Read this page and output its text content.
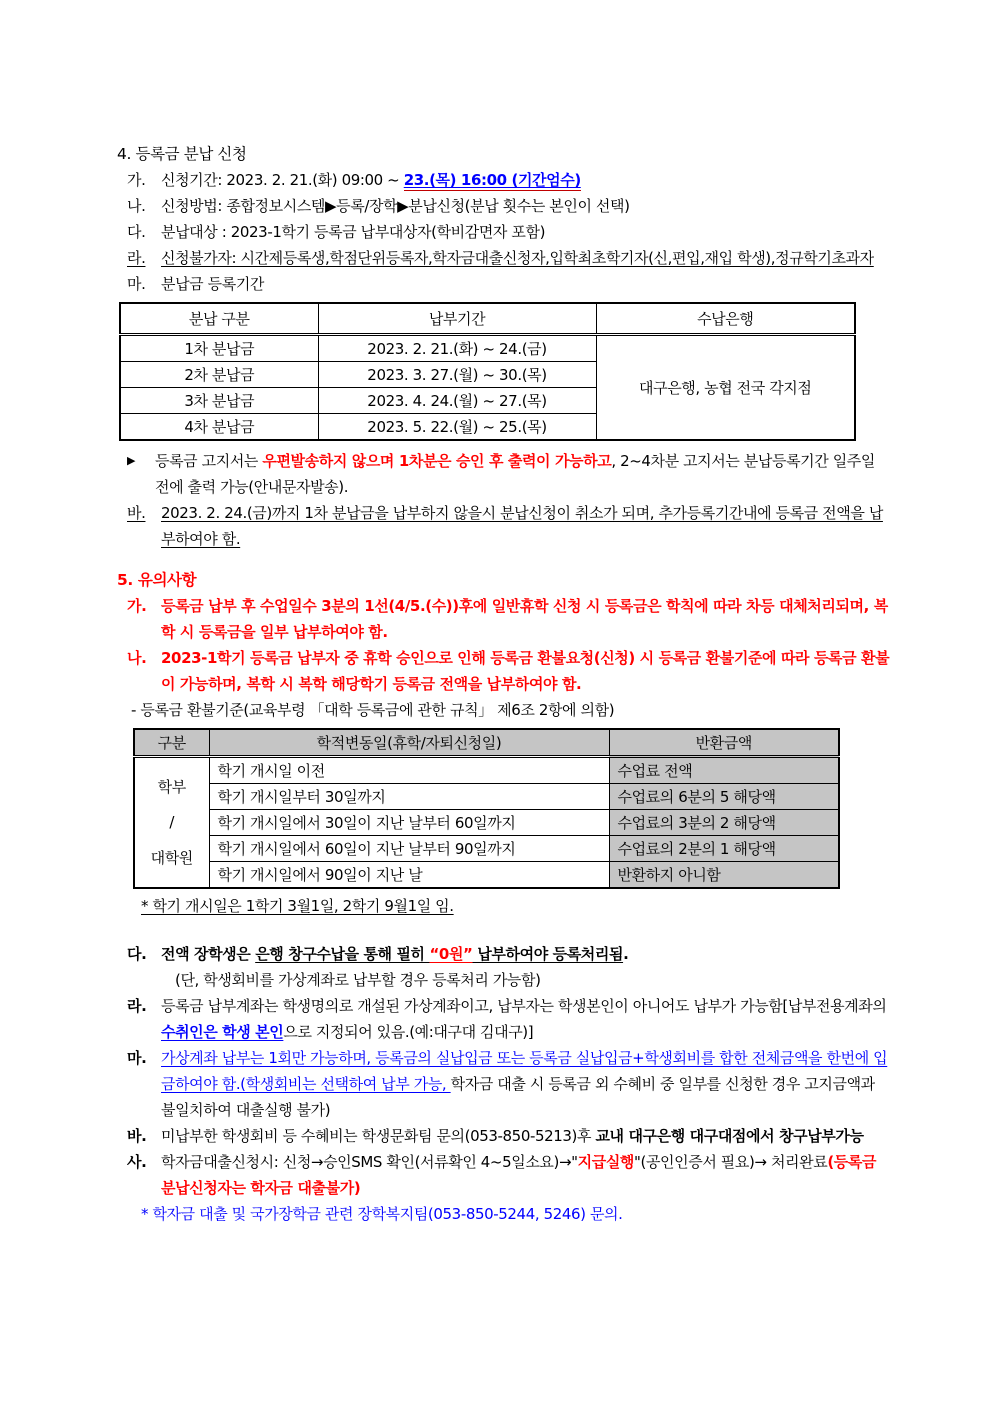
4. 등록금 분납 신청
가.	신청기간: 2023. 2. 21.(화) 09:00 ~ 23.(목) 16:00 (기간엄수)
나.	신청방법: 종합정보시스템▶등록/장학▶분납신청(분납 횟수는 본인이 선택)
다.	분납대상 : 2023-1학기 등록금 납부대상자(학비감면자 포함)
라.	신청불가자: 시간제등록생,학점단위등록자,학자금대출신청자,입학최초학기자(신,편입,재입 학생),정규학기초과자
마.	분납금 등록기간
분납 구분	납부기간	수납은행
1차 분납금	2023. 2. 21.(화) ~ 24.(금)	대구은행, 농협 전국 각지점
2차 분납금	2023. 3. 27.(월) ~ 30.(목)	
3차 분납금	2023. 4. 24.(월) ~ 27.(목)	
4차 분납금	2023. 5. 22.(월) ~ 25.(목)	
▶	등록금 고지서는 우편발송하지 않으며 1차분은 승인 후 출력이 가능하고, 2~4차분 고지서는 분납등록기간 일주일 전에 출력 가능(안내문자발송).
바.	2023. 2. 24.(금)까지 1차 분납금을 납부하지 않을시 분납신청이 취소가 되며, 추가등록기간내에 등록금 전액을 납부하여야 함.
5. 유의사항
가. 등록금 납부 후 수업일수 3분의 1선(4/5.(수))후에 일반휴학 신청 시 등록금은 학칙에 따라 차등 대체처리되며, 복학 시 등록금을 일부 납부하여야 함.
나. 2023-1학기 등록금 납부자 중 휴학 승인으로 인해 등록금 환불요청(신청) 시 등록금 환불기준에 따라 등록금 환불이 가능하며, 복학 시 복학 해당학기 등록금 전액을 납부하여야 함.
- 등록금 환불기준(교육부령 「대학 등록금에 관한 규칙」 제6조 2항에 의함)
구분	학적변동일(휴학/자퇴신청일)	반환금액

학부
/
대학원	학기 개시일 이전	수업료 전액
	학기 개시일부터 30일까지	수업료의 6분의 5 해당액
	학기 개시일에서 30일이 지난 날부터 60일까지	수업료의 3분의 2 해당액
	학기 개시일에서 60일이 지난 날부터 90일까지	수업료의 2분의 1 해당액
	학기 개시일에서 90일이 지난 날	반환하지 아니함
* 학기 개시일은 1학기 3월1일, 2학기 9월1일 임.
다. 전액 장학생은 은행 창구수납을 통해 필히 “0원” 납부하여야 등록처리됨.
(단, 학생회비를 가상계좌로 납부할 경우 등록처리 가능함)
라. 등록금 납부계좌는 학생명의로 개설된 가상계좌이고, 납부자는 학생본인이 아니어도 납부가 가능함[납부전용계좌의 수취인은 학생 본인으로 지정되어 있음.(예:대구대 김대구)]
마. 가상계좌 납부는 1회만 가능하며, 등록금의 실납입금 또는 등록금 실납입금+학생회비를 합한 전체금액을 한번에 입금하여야 함.(학생회비는 선택하여 납부 가능, 학자금 대출 시 등록금 외 수혜비 중 일부를 신청한 경우 고지금액과 불일치하여 대출실행 불가)
바. 미납부한 학생회비 등 수혜비는 학생문화팀 문의(053-850-5213)후 교내 대구은행 대구대점에서 창구납부가능
사. 학자금대출신청시: 신청→승인SMS 확인(서류확인 4~5일소요)→"지급실행"(공인인증서 필요)→ 처리완료(등록금 분납신청자는 학자금 대출불가)
* 학자금 대출 및 국가장학금 관련 장학복지팀(053-850-5244, 5246) 문의.
